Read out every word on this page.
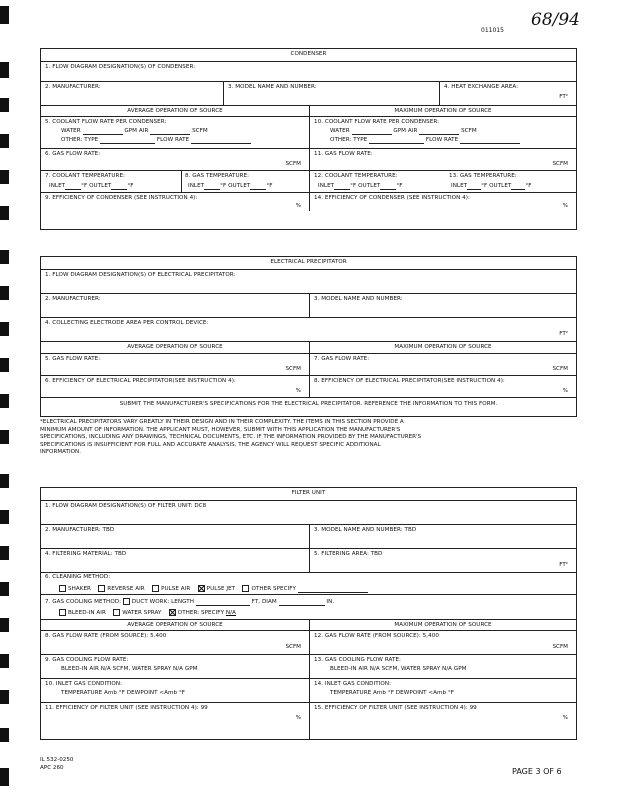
011015
68/94
CONDENSER
1. FLOW DIAGRAM DESIGNATION(S) OF CONDENSER:
2. MANUFACTURER:	3. MODEL NAME AND NUMBER:	4. HEAT EXCHANGE AREA:
FT²
AVERAGE OPERATION OF SOURCE	MAXIMUM OPERATION OF SOURCE
5. COOLANT FLOW RATE PER CONDENSER:
WATER	GPM AIR	SCFM
OTHER: TYPE	FLOW RATE
10. COOLANT FLOW RATE PER CONDENSER:
WATER	GPM AIR	SCFM
OTHER: TYPE	FLOW RATE
6. GAS FLOW RATE:
SCFM
11. GAS FLOW RATE:
SCFM
7. COOLANT TEMPERATURE:
INLET	°F OUTLET	°F
8. GAS TEMPERATURE:
INLET	°F OUTLET	°F
12. COOLANT TEMPERATURE:
INLET	°F OUTLET	°F
13. GAS TEMPERATURE:
INLET	°F OUTLET	°F
9. EFFICIENCY OF CONDENSER (SEE INSTRUCTION 4):
%
14. EFFICIENCY OF CONDENSER (SEE INSTRUCTION 4):
%
ELECTRICAL PRECIPITATOR
1. FLOW DIAGRAM DESIGNATION(S) OF ELECTRICAL PRECIPITATOR:
2. MANUFACTURER:	3. MODEL NAME AND NUMBER:
4. COLLECTING ELECTRODE AREA PER CONTROL DEVICE:
FT²
AVERAGE OPERATION OF SOURCE	MAXIMUM OPERATION OF SOURCE
5. GAS FLOW RATE:
SCFM
7. GAS FLOW RATE:
SCFM
6. EFFICIENCY OF ELECTRICAL PRECIPITATOR(SEE INSTRUCTION 4):
%
8. EFFICIENCY OF ELECTRICAL PRECIPITATOR(SEE INSTRUCTION 4):
%
SUBMIT THE MANUFACTURER'S SPECIFICATIONS FOR THE ELECTRICAL PRECIPITATOR. REFERENCE THE INFORMATION TO THIS FORM.
*ELECTRICAL PRECIPITATORS VARY GREATLY IN THEIR DESIGN AND IN THEIR COMPLEXITY. THE ITEMS IN THIS SECTION PROVIDE A
MINIMUM AMOUNT OF INFORMATION. THE APPLICANT MUST, HOWEVER, SUBMIT WITH THIS APPLICATION THE MANUFACTURER'S
SPECIFICATIONS, INCLUDING ANY DRAWINGS, TECHNICAL DOCUMENTS, ETC. IF THE INFORMATION PROVIDED BY THE MANUFACTURER'S
SPECIFICATIONS IS INSUFFICIENT FOR FULL AND ACCURATE ANALYSIS, THE AGENCY WILL REQUEST SPECIFIC ADDITIONAL
INFORMATION.
FILTER UNIT
1. FLOW DIAGRAM DESIGNATION(S) OF FILTER UNIT: DC8
2. MANUFACTURER: TBD	3. MODEL NAME AND NUMBER: TBD
4. FILTERING MATERIAL: TBD	5. FILTERING AREA: TBD
FT²
6. CLEANING METHOD:
SHAKER	REVERSE AIR	PULSE AIR	PULSE JET	OTHER SPECIFY
7. GAS COOLING METHOD: DUCT WORK: LENGTH	FT, DIAM	IN.
BLEED-IN AIR	WATER SPRAY	OTHER: SPECIFY N/A
AVERAGE OPERATION OF SOURCE	MAXIMUM OPERATION OF SOURCE
8. GAS FLOW RATE (FROM SOURCE): 5,400
SCFM
12. GAS FLOW RATE (FROM SOURCE): 5,400
SCFM
9. GAS COOLING FLOW RATE:
BLEED-IN AIR N/A SCFM, WATER SPRAY N/A GPM
13. GAS COOLING FLOW RATE:
BLEED-IN AIR N/A SCFM, WATER SPRAY N/A GPM
10. INLET GAS CONDITION:
TEMPERATURE Amb °F DEWPOINT <Amb °F
14. INLET GAS CONDITION:
TEMPERATURE Amb °F DEWPOINT <Amb °F
11. EFFICIENCY OF FILTER UNIT (SEE INSTRUCTION 4): 99
%
15. EFFICIENCY OF FILTER UNIT (SEE INSTRUCTION 4): 99
%
IL 532-0250
APC 260	PAGE 3 OF 6
